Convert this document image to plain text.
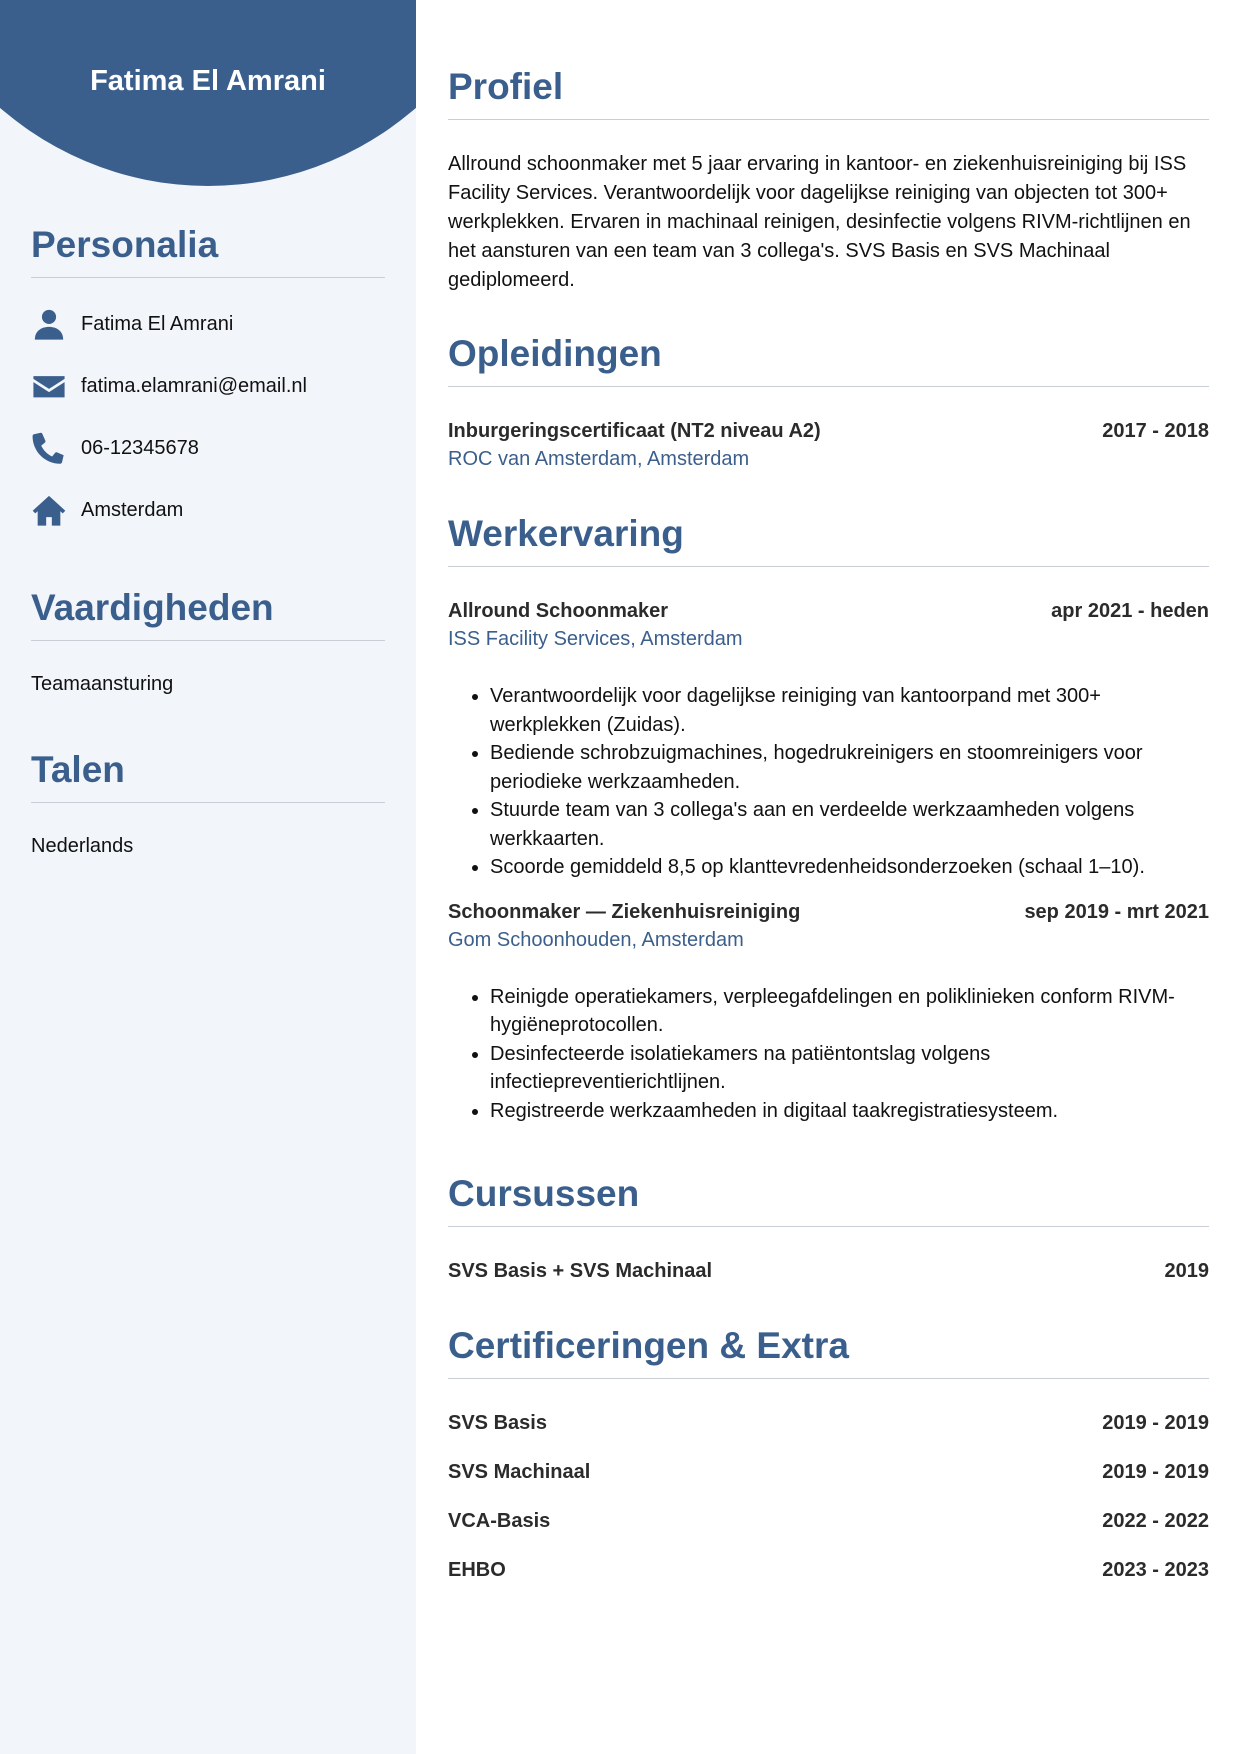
Fatima El Amrani
Personalia
Fatima El Amrani
fatima.elamrani@email.nl
06-12345678
Amsterdam
Vaardigheden
Teamaansturing
Talen
Nederlands
Profiel

Allround schoonmaker met 5 jaar ervaring in kantoor- en ziekenhuisreiniging bij ISS Facility Services. Verantwoordelijk voor dagelijkse reiniging van objecten tot 300+ werkplekken. Ervaren in machinaal reinigen, desinfectie volgens RIVM-richtlijnen en het aansturen van een team van 3 collega's. SVS Basis en SVS Machinaal gediplomeerd.

Opleidingen
Inburgeringscertificaat (NT2 niveau A2)	2017 - 2018
ROC van Amsterdam, Amsterdam
Werkervaring
Allround Schoonmaker	apr 2021 - heden
ISS Facility Services, Amsterdam
• Verantwoordelijk voor dagelijkse reiniging van kantoorpand met 300+ werkplekken (Zuidas).
• Bediende schrobzuigmachines, hogedrukreinigers en stoomreinigers voor periodieke werkzaamheden.
• Stuurde team van 3 collega's aan en verdeelde werkzaamheden volgens werkkaarten.
• Scoorde gemiddeld 8,5 op klanttevredenheidsonderzoeken (schaal 1–10).
Schoonmaker — Ziekenhuisreiniging	sep 2019 - mrt 2021
Gom Schoonhouden, Amsterdam
• Reinigde operatiekamers, verpleegafdelingen en poliklinieken conform RIVM-hygiëneprotocollen.
• Desinfecteerde isolatiekamers na patiëntontslag volgens infectiepreventierichtlijnen.
• Registreerde werkzaamheden in digitaal taakregistratiesysteem.
Cursussen
SVS Basis + SVS Machinaal	2019
Certificeringen & Extra
SVS Basis	2019 - 2019
SVS Machinaal	2019 - 2019
VCA-Basis	2022 - 2022
EHBO	2023 - 2023
